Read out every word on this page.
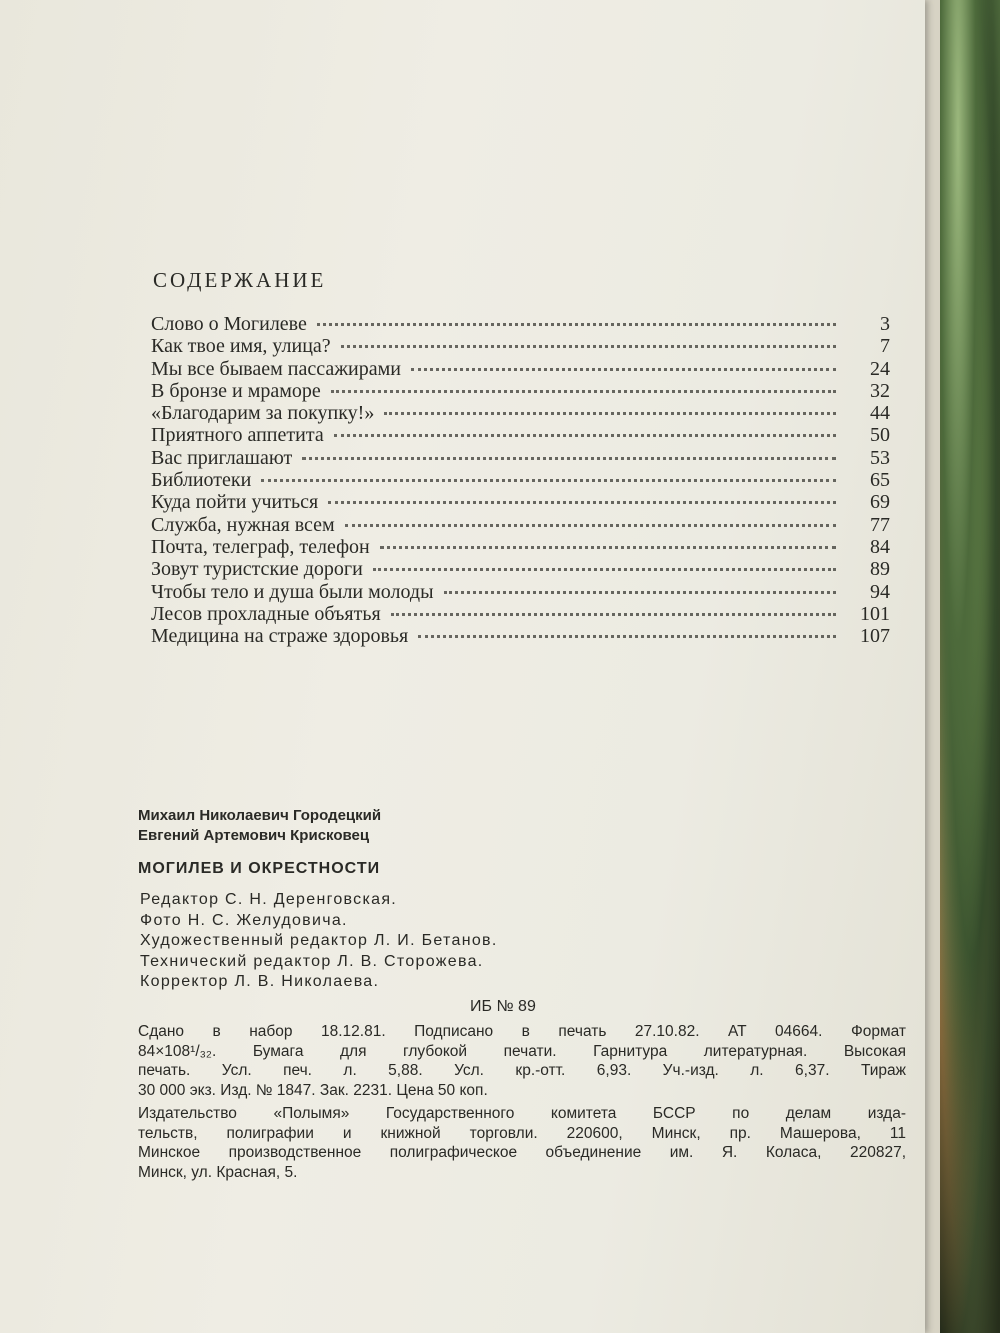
СОДЕРЖАНИЕ
Слово о Могилеве	3
Как твое имя, улица?	7
Мы все бываем пассажирами	24
В бронзе и мраморе	32
«Благодарим за покупку!»	44
Приятного аппетита	50
Вас приглашают	53
Библиотеки	65
Куда пойти учиться	69
Служба, нужная всем	77
Почта, телеграф, телефон	84
Зовут туристские дороги	89
Чтобы тело и душа были молоды	94
Лесов прохладные объятья	101
Медицина на страже здоровья	107
Михаил Николаевич Городецкий
Евгений Артемович Крисковец
МОГИЛЕВ И ОКРЕСТНОСТИ
Редактор С. Н. Деренговская.
Фото Н. С. Желудовича.
Художественный редактор Л. И. Бетанов.
Технический редактор Л. В. Сторожева.
Корректор Л. В. Николаева.
ИБ № 89

Сдано в набор 18.12.81. Подписано в печать 27.10.82. АТ 04664. Формат
84×108¹/₃₂. Бумага для глубокой печати. Гарнитура литературная. Высокая
печать. Усл. печ. л. 5,88. Усл. кр.-отт. 6,93. Уч.-изд. л. 6,37. Тираж
30 000 экз. Изд. № 1847. Зак. 2231. Цена 50 коп.

Издательство «Полымя» Государственного комитета БССР по делам изда-
тельств, полиграфии и книжной торговли. 220600, Минск, пр. Машерова, 11
Минское производственное полиграфическое объединение им. Я. Коласа, 220827,
Минск, ул. Красная, 5.
